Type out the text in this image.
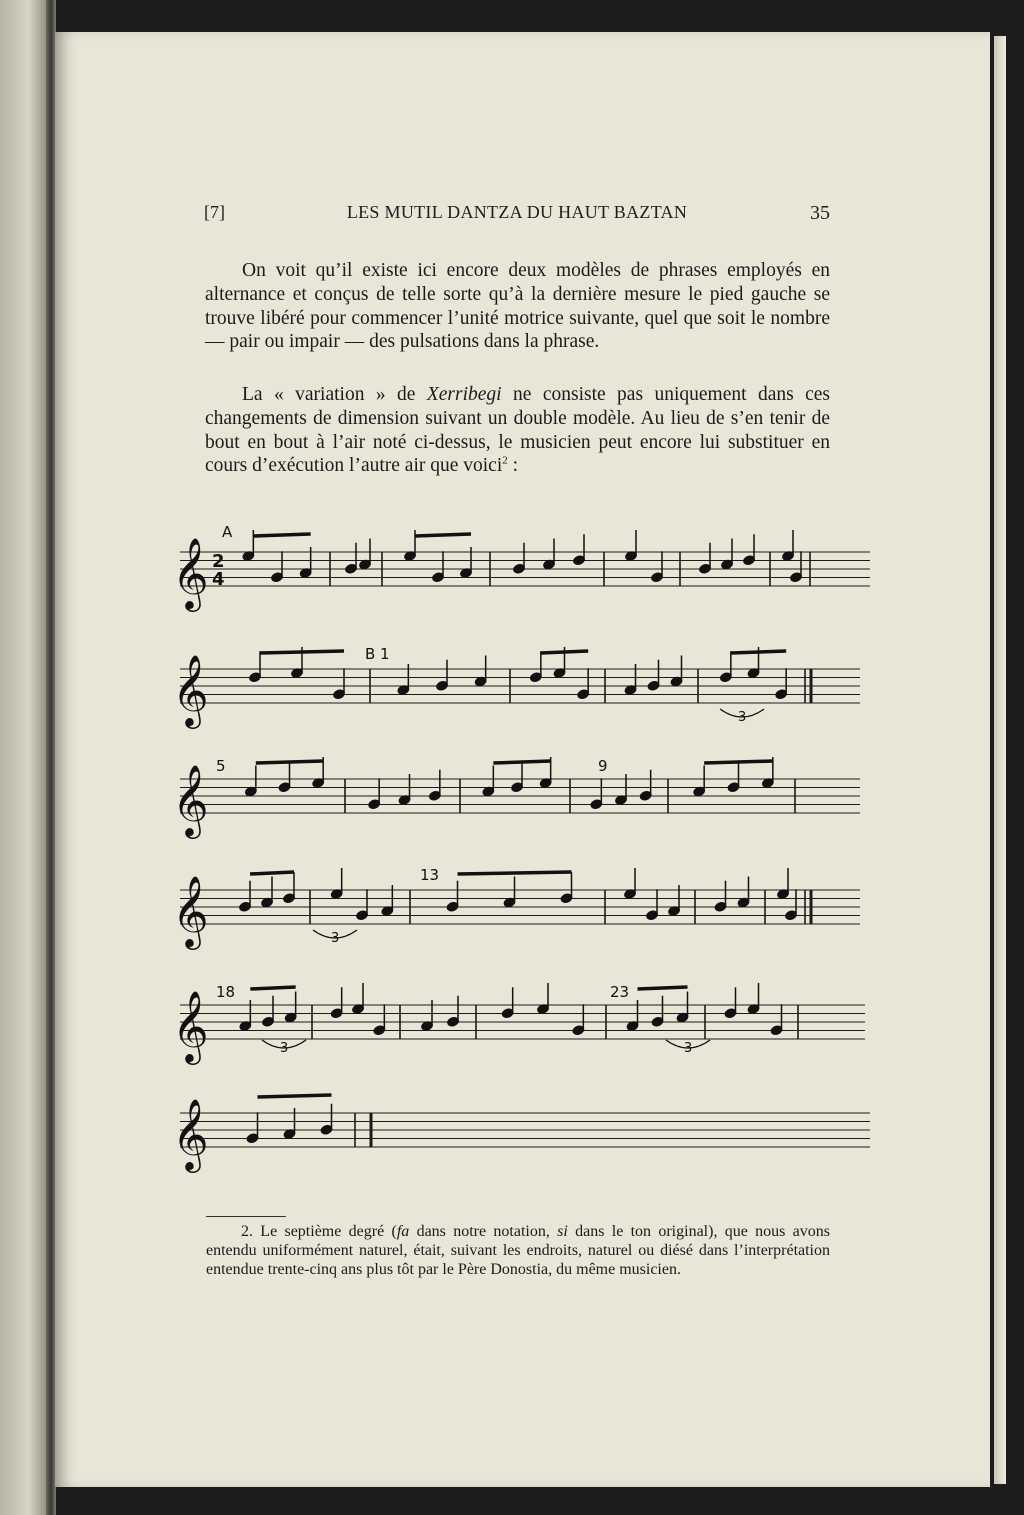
[7]	LES MUTIL DANTZA DU HAUT BAZTAN	35

On voit qu’il existe ici encore deux modèles de phrases employés en alternance et conçus de telle sorte qu’à la dernière mesure le pied gauche se trouve libéré pour commencer l’unité motrice suivante, quel que soit le nombre — pair ou impair — des pulsations dans la phrase.

La « variation » de Xerribegi ne consiste pas uniquement dans ces changements de dimension suivant un double modèle. Au lieu de s’en tenir de bout en bout à l’air noté ci-dessus, le musicien peut encore lui substituer en cours d’exécution l’autre air que voici$^2$ :

𝄞
𝄞
𝄞
𝄞
𝄞
𝄞
2
4
A
B 1
5	9
13
18	23
3
3
3	3

2. Le septième degré (fa dans notre notation, si dans le ton original), que nous avons entendu uniformément naturel, était, suivant les endroits, naturel ou diésé dans l’interprétation entendue trente-cinq ans plus tôt par le Père Donostia, du même musicien.
